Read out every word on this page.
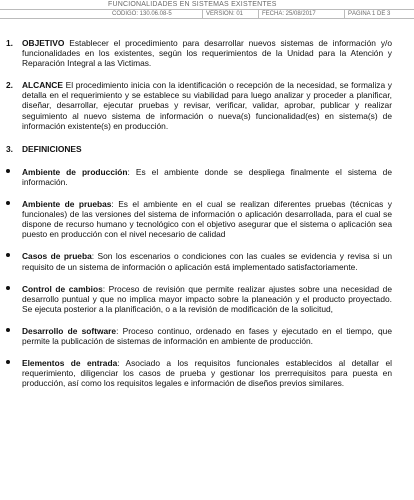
FUNCIONALIDADES EN SISTEMAS EXISTENTES
CÓDIGO: 130.06.08-5	VERSIÓN: 01	FECHA: 25/08/2017	PÁGINA 1 DE 3

1. OBJETIVO Establecer el procedimiento para desarrollar nuevos sistemas de información y/o funcionalidades en los existentes, según los requerimientos de la Unidad para la Atención y Reparación Integral a las Victimas.

2. ALCANCE El procedimiento inicia con la identificación o recepción de la necesidad, se formaliza y detalla en el requerimiento y se establece su viabilidad para luego analizar y proceder a planificar, diseñar, desarrollar, ejecutar pruebas y revisar, verificar, validar, aprobar, publicar y realizar seguimiento al nuevo sistema de información o nueva(s) funcionalidad(es) en sistema(s) de información existente(s) en producción.

3. DEFINICIONES

Ambiente de producción: Es el ambiente donde se despliega finalmente el sistema de información.

Ambiente de pruebas: Es el ambiente en el cual se realizan diferentes pruebas (técnicas y funcionales) de las versiones del sistema de información o aplicación desarrollada, para el cual se dispone de recurso humano y tecnológico con el objetivo asegurar que el sistema o aplicación sea puesto en producción con el nivel necesario de calidad

Casos de prueba: Son los escenarios o condiciones con las cuales se evidencia y revisa si un requisito de un sistema de información o aplicación está implementado satisfactoriamente.

Control de cambios: Proceso de revisión que permite realizar ajustes sobre una necesidad de desarrollo puntual y que no implica mayor impacto sobre la planeación y el producto proyectado. Se ejecuta posterior a la planificación, o a la revisión de modificación de la solicitud,

Desarrollo de software: Proceso continuo, ordenado en fases y ejecutado en el tiempo, que permite la publicación de sistemas de información en ambiente de producción.

Elementos de entrada: Asociado a los requisitos funcionales establecidos al detallar el requerimiento, diligenciar los casos de prueba y gestionar los prerrequisitos para puesta en producción, así como los requisitos legales e información de diseños previos similares.
